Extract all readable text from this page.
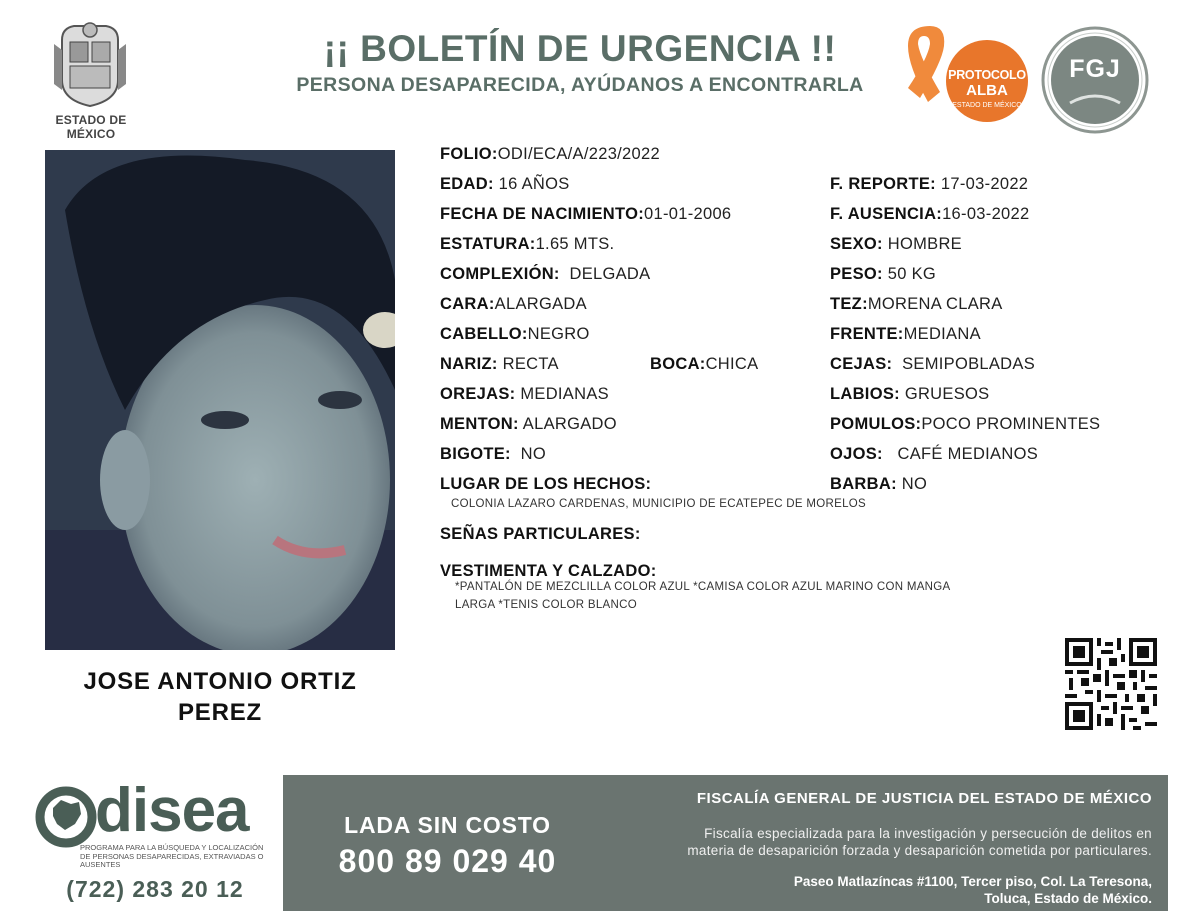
ESTADO DE MÉXICO
¡¡ BOLETÍN DE URGENCIA !!
PERSONA DESAPARECIDA, AYÚDANOS A ENCONTRARLA	PROTOCOLO
ALBA
ESTADO DE MÉXICO
FGJ
JOSE ANTONIO ORTIZ PEREZ
FOLIO:ODI/ECA/A/223/2022
EDAD: 16 AÑOS	F. REPORTE: 17-03-2022
FECHA DE NACIMIENTO:01-01-2006	F. AUSENCIA:16-03-2022
ESTATURA:1.65 MTS.	SEXO: HOMBRE
COMPLEXIÓN: DELGADA	PESO: 50 KG
CARA:ALARGADA	TEZ:MORENA CLARA
CABELLO:NEGRO	FRENTE:MEDIANA
NARIZ: RECTA	BOCA:CHICA	CEJAS: SEMIPOBLADAS
OREJAS: MEDIANAS	LABIOS: GRUESOS
MENTON: ALARGADO	POMULOS:POCO PROMINENTES
BIGOTE: NO	OJOS: CAFÉ MEDIANOS
LUGAR DE LOS HECHOS:	BARBA: NO
COLONIA LAZARO CARDENAS, MUNICIPIO DE ECATEPEC DE MORELOS
SEÑAS PARTICULARES:
VESTIMENTA Y CALZADO:
*PANTALÓN DE MEZCLILLA COLOR AZUL *CAMISA COLOR AZUL MARINO CON MANGA
LARGA *TENIS COLOR BLANCO
disea
PROGRAMA PARA LA BÚSQUEDA Y LOCALIZACIÓN DE PERSONAS DESAPARECIDAS, EXTRAVIADAS O AUSENTES
(722) 283 20 12
LADA SIN COSTO
800 89 029 40
FISCALÍA GENERAL DE JUSTICIA DEL ESTADO DE MÉXICO
Fiscalía especializada para la investigación y persecución de delitos en
materia de desaparición forzada y desaparición cometida por particulares.
Paseo Matlazíncas #1100, Tercer piso, Col. La Teresona,
Toluca, Estado de México.
